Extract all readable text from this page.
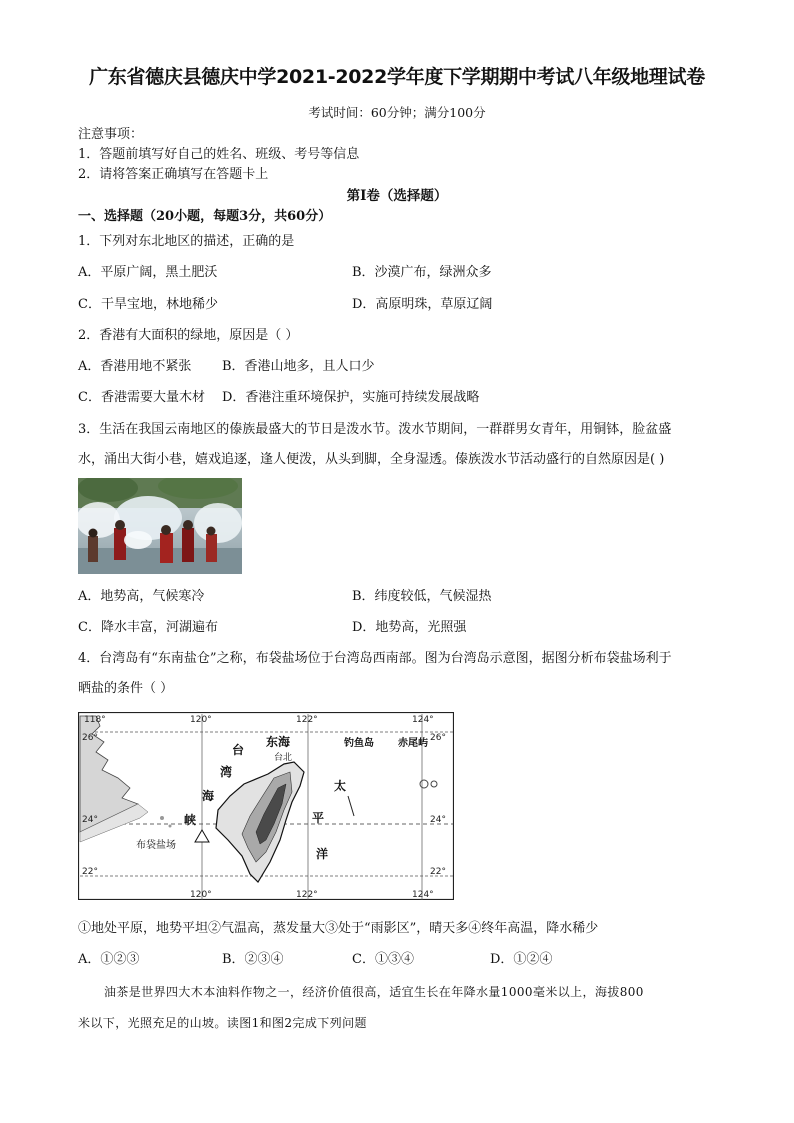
广东省德庆县德庆中学2021-2022学年度下学期期中考试八年级地理试卷
考试时间：60分钟；满分100分
注意事项：
1．答题前填写好自己的姓名、班级、考号等信息
2．请将答案正确填写在答题卡上
第I卷（选择题）
一、选择题（20小题，每题3分，共60分）
1．下列对东北地区的描述，正确的是
A．平原广阔，黑土肥沃	B．沙漠广布，绿洲众多
C．干旱宝地，林地稀少	D．高原明珠，草原辽阔
2．香港有大面积的绿地，原因是（ ）
A．香港用地不紧张 B．香港山地多，且人口少
C．香港需要大量木材 D．香港注重环境保护，实施可持续发展战略
3．生活在我国云南地区的傣族最盛大的节日是泼水节。泼水节期间，一群群男女青年，用铜钵，脸盆盛
水，涌出大街小巷，嬉戏追逐，逢人便泼，从头到脚，全身湿透。傣族泼水节活动盛行的自然原因是( )
A．地势高，气候寒冷	B．纬度较低，气候湿热
C．降水丰富，河湖遍布	D．地势高，光照强
4．台湾岛有“东南盐仓”之称，布袋盐场位于台湾岛西南部。图为台湾岛示意图，据图分析布袋盐场利于
晒盐的条件（ ）
118°	120°	122°	124°
120°	122°	124°
26°
24°
22°
26°
24°
22°
东海	钓鱼岛 赤尾屿
台北
台
湾
海
峡
太
平
洋
布袋盐场
①地处平原，地势平坦②气温高，蒸发量大③处于“雨影区”，晴天多④终年高温，降水稀少
A．①②③	B．②③④	C．①③④	D．①②④
油茶是世界四大木本油料作物之一，经济价值很高，适宜生长在年降水量1000毫米以上，海拔800
米以下，光照充足的山坡。读图1和图2完成下列问题
